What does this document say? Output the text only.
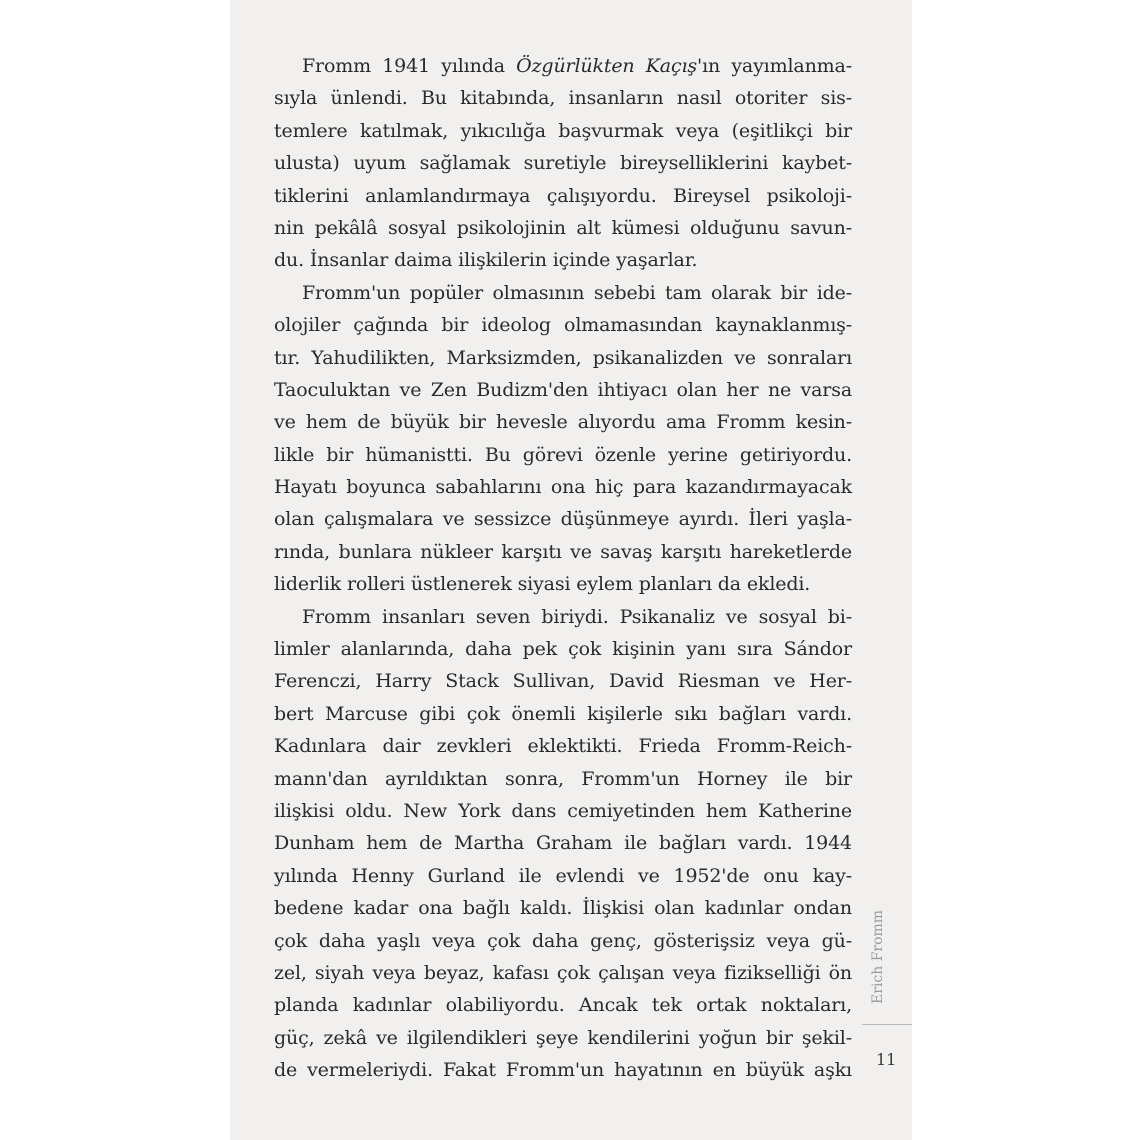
Fromm 1941 yılında Özgürlükten Kaçış'ın yayımlanma-
sıyla ünlendi. Bu kitabında, insanların nasıl otoriter sis-
temlere katılmak, yıkıcılığa başvurmak veya (eşitlikçi bir
ulusta) uyum sağlamak suretiyle bireyselliklerini kaybet-
tiklerini anlamlandırmaya çalışıyordu. Bireysel psikoloji-
nin pekâlâ sosyal psikolojinin alt kümesi olduğunu savun-
du. İnsanlar daima ilişkilerin içinde yaşarlar.
Fromm'un popüler olmasının sebebi tam olarak bir ide-
olojiler çağında bir ideolog olmamasından kaynaklanmış-
tır. Yahudilikten, Marksizmden, psikanalizden ve sonraları
Taoculuktan ve Zen Budizm'den ihtiyacı olan her ne varsa
ve hem de büyük bir hevesle alıyordu ama Fromm kesin-
likle bir hümanistti. Bu görevi özenle yerine getiriyordu.
Hayatı boyunca sabahlarını ona hiç para kazandırmayacak
olan çalışmalara ve sessizce düşünmeye ayırdı. İleri yaşla-
rında, bunlara nükleer karşıtı ve savaş karşıtı hareketlerde
liderlik rolleri üstlenerek siyasi eylem planları da ekledi.
Fromm insanları seven biriydi. Psikanaliz ve sosyal bi-
limler alanlarında, daha pek çok kişinin yanı sıra Sándor
Ferenczi, Harry Stack Sullivan, David Riesman ve Her-
bert Marcuse gibi çok önemli kişilerle sıkı bağları vardı.
Kadınlara dair zevkleri eklektikti. Frieda Fromm-Reich-
mann'dan ayrıldıktan sonra, Fromm'un Horney ile bir
ilişkisi oldu. New York dans cemiyetinden hem Katherine
Dunham hem de Martha Graham ile bağları vardı. 1944
yılında Henny Gurland ile evlendi ve 1952'de onu kay-
bedene kadar ona bağlı kaldı. İlişkisi olan kadınlar ondan
çok daha yaşlı veya çok daha genç, gösterişsiz veya gü-
zel, siyah veya beyaz, kafası çok çalışan veya fizikselliği ön
planda kadınlar olabiliyordu. Ancak tek ortak noktaları,
güç, zekâ ve ilgilendikleri şeye kendilerini yoğun bir şekil-
de vermeleriydi. Fakat Fromm'un hayatının en büyük aşkı
Erich Fromm
11
